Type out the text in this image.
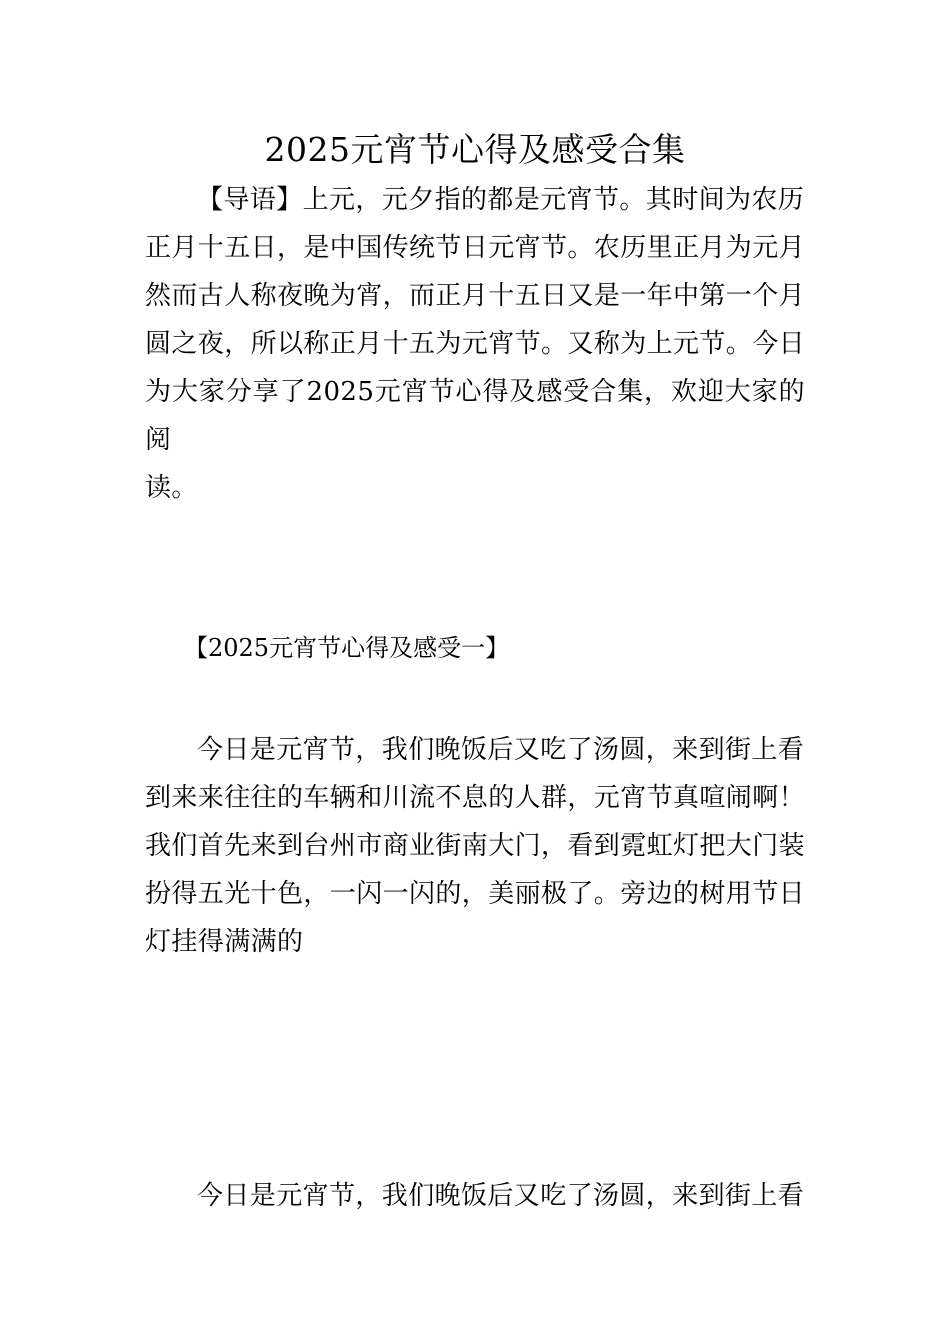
2025元宵节心得及感受合集

【导语】上元，元夕指的都是元宵节。其时间为农历
正月十五日，是中国传统节日元宵节。农历里正月为元月
然而古人称夜晚为宵，而正月十五日又是一年中第一个月
圆之夜，所以称正月十五为元宵节。又称为上元节。今日
为大家分享了2025元宵节心得及感受合集，欢迎大家的阅
读。

【2025元宵节心得及感受一】

今日是元宵节，我们晚饭后又吃了汤圆，来到街上看
到来来往往的车辆和川流不息的人群，元宵节真喧闹啊！
我们首先来到台州市商业街南大门，看到霓虹灯把大门装
扮得五光十色，一闪一闪的，美丽极了。旁边的树用节日
灯挂得满满的

今日是元宵节，我们晚饭后又吃了汤圆，来到街上看
